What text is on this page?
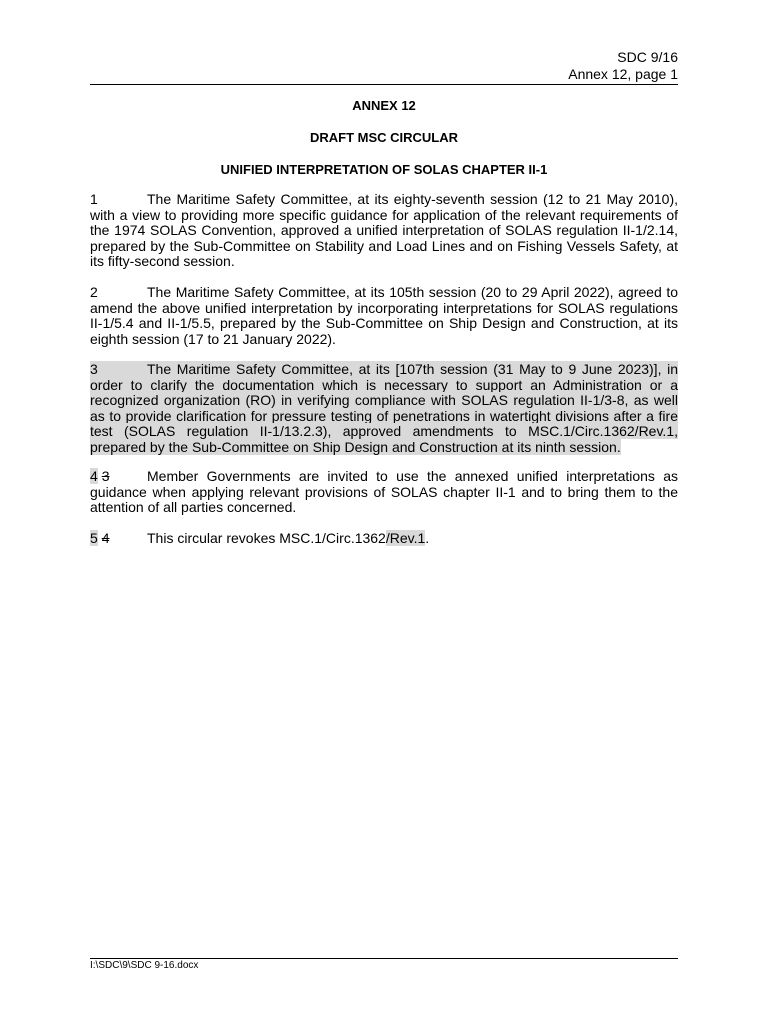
SDC 9/16
Annex 12, page 1
ANNEX 12
DRAFT MSC CIRCULAR
UNIFIED INTERPRETATION OF SOLAS CHAPTER II-1
1	The Maritime Safety Committee, at its eighty-seventh session (12 to 21 May 2010), with a view to providing more specific guidance for application of the relevant requirements of the 1974 SOLAS Convention, approved a unified interpretation of SOLAS regulation II-1/2.14, prepared by the Sub-Committee on Stability and Load Lines and on Fishing Vessels Safety, at its fifty-second session.
2	The Maritime Safety Committee, at its 105th session (20 to 29 April 2022), agreed to amend the above unified interpretation by incorporating interpretations for SOLAS regulations II-1/5.4 and II-1/5.5, prepared by the Sub-Committee on Ship Design and Construction, at its eighth session (17 to 21 January 2022).
3	The Maritime Safety Committee, at its [107th session (31 May to 9 June 2023)], in order to clarify the documentation which is necessary to support an Administration or a recognized organization (RO) in verifying compliance with SOLAS regulation II-1/3-8, as well as to provide clarification for pressure testing of penetrations in watertight divisions after a fire test (SOLAS regulation II-1/13.2.3), approved amendments to MSC.1/Circ.1362/Rev.1, prepared by the Sub-Committee on Ship Design and Construction at its ninth session.
4 3	Member Governments are invited to use the annexed unified interpretations as guidance when applying relevant provisions of SOLAS chapter II-1 and to bring them to the attention of all parties concerned.
5 4	This circular revokes MSC.1/Circ.1362/Rev.1.
I:\SDC\9\SDC 9-16.docx
